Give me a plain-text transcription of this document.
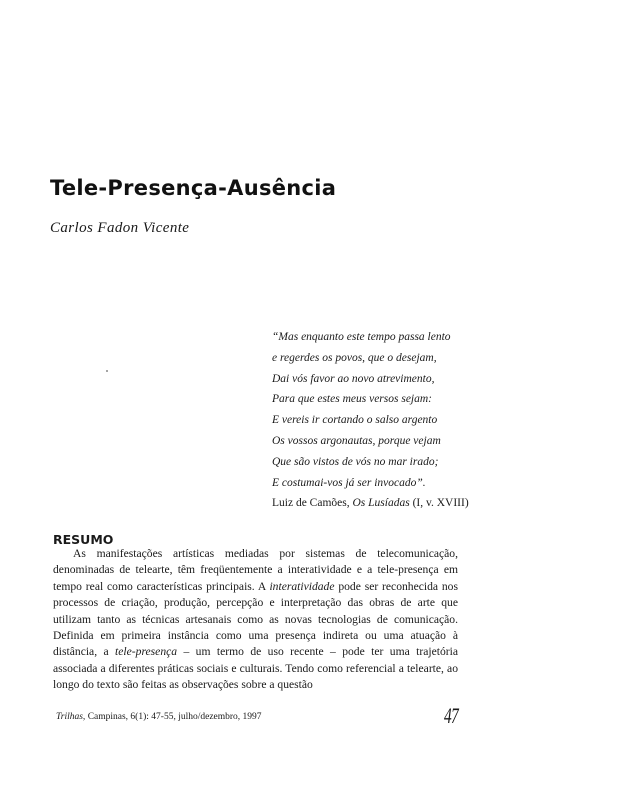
Tele-Presença-Ausência
Carlos Fadon Vicente
“Mas enquanto este tempo passa lento
e regerdes os povos, que o desejam,
Dai vós favor ao novo atrevimento,
Para que estes meus versos sejam:
E vereis ir cortando o salso argento
Os vossos argonautas, porque vejam
Que são vistos de vós no mar irado;
E costumai-vos já ser invocado”.
Luiz de Camões, Os Lusíadas (I, v. XVIII)
RESUMO

As manifestações artísticas mediadas por sistemas de telecomunicação, denominadas de telearte, têm freqüentemente a interatividade e a tele-presença em tempo real como características principais. A interatividade pode ser reconhecida nos processos de criação, produção, percepção e interpretação das obras de arte que utilizam tanto as técnicas artesanais como as novas tecnologias de comunicação. Definida em primeira instância como uma presença indireta ou uma atuação à distância, a tele-presença – um termo de uso recente – pode ter uma trajetória associada a diferentes práticas sociais e culturais. Tendo como referencial a telearte, ao longo do texto são feitas as observações sobre a questão

Trilhas, Campinas, 6(1): 47-55, julho/dezembro, 1997	47
